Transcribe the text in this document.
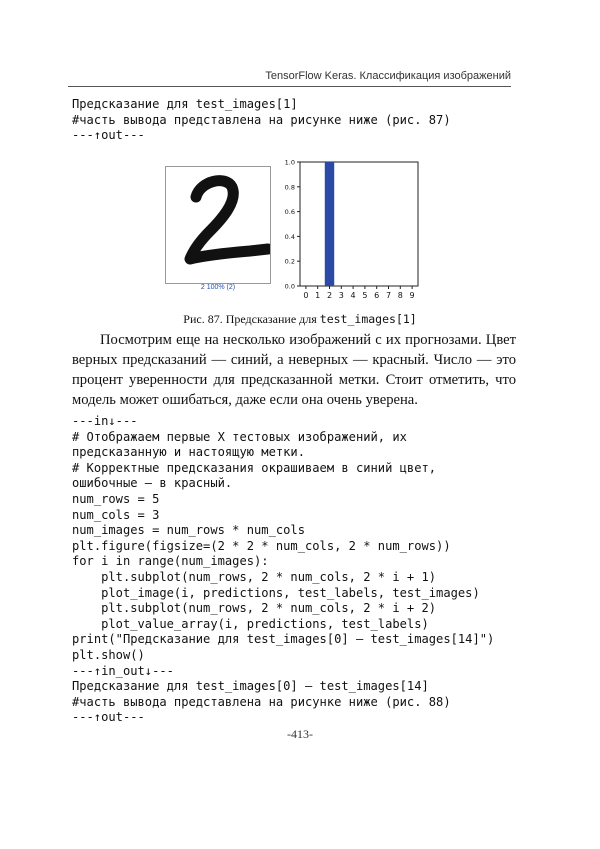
TensorFlow Keras. Классификация изображений
Предсказание для test_images[1]
#часть вывода представлена на рисунке ниже (рис. 87)
---↑out---
2 100% (2)
0 1 2 3 4 5 6 7 8 9
0.0
0.2
0.4
0.6
0.8
1.0
Рис. 87. Предсказание для test_images[1]

Посмотрим еще на несколько изображений с их прогнозами. Цвет верных предсказаний — синий, а неверных — красный. Число — это процент уверенности для предсказанной метки. Стоит отметить, что модель может ошибаться, даже если она очень уверена.

---in↓---
# Отображаем первые X тестовых изображений, их
предсказанную и настоящую метки.
# Корректные предсказания окрашиваем в синий цвет,
ошибочные — в красный.
num_rows = 5
num_cols = 3
num_images = num_rows * num_cols
plt.figure(figsize=(2 * 2 * num_cols, 2 * num_rows))
for i in range(num_images):
plt.subplot(num_rows, 2 * num_cols, 2 * i + 1)
plot_image(i, predictions, test_labels, test_images)
plt.subplot(num_rows, 2 * num_cols, 2 * i + 2)
plot_value_array(i, predictions, test_labels)
print("Предсказание для test_images[0] – test_images[14]")
plt.show()
---↑in_out↓---
Предсказание для test_images[0] – test_images[14]
#часть вывода представлена на рисунке ниже (рис. 88)
---↑out---
-413-
